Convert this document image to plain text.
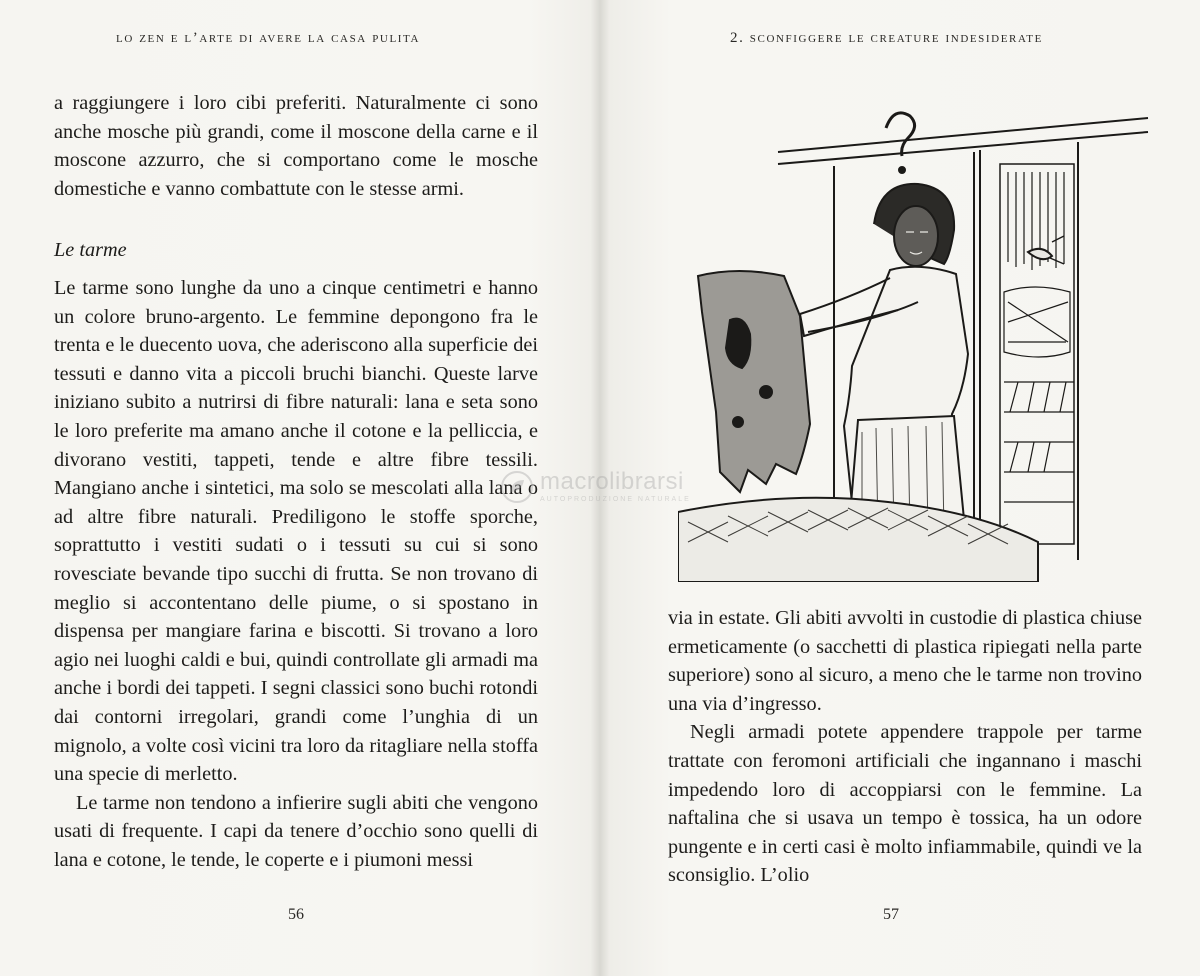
lo zen e l’arte di avere la casa pulita

a raggiungere i loro cibi preferiti. Naturalmente ci sono anche mosche più grandi, come il moscone della carne e il moscone azzurro, che si comportano come le mosche domestiche e vanno combattute con le stesse armi.

Le tarme

Le tarme sono lunghe da uno a cinque centimetri e hanno un colore bruno-argento. Le femmine depongono fra le trenta e le duecento uova, che aderiscono alla superficie dei tessuti e danno vita a piccoli bruchi bianchi. Queste larve iniziano subito a nutrirsi di fibre naturali: lana e seta sono le loro preferite ma amano anche il cotone e la pelliccia, e divorano vestiti, tappeti, tende e altre fibre tessili. Mangiano anche i sintetici, ma solo se mescolati alla lana o ad altre fibre naturali. Prediligono le stoffe sporche, soprattutto i vestiti sudati o i tessuti su cui si sono rovesciate bevande tipo succhi di frutta. Se non trovano di meglio si accontentano delle piume, o si spostano in dispensa per mangiare farina e biscotti. Si trovano a loro agio nei luoghi caldi e bui, quindi controllate gli armadi ma anche i bordi dei tappeti. I segni classici sono buchi rotondi dai contorni irregolari, grandi come l’unghia di un mignolo, a volte così vicini tra loro da ritagliare nella stoffa una specie di merletto.

Le tarme non tendono a infierire sugli abiti che vengono usati di frequente. I capi da tenere d’occhio sono quelli di lana e cotone, le tende, le coperte e i piumoni messi

56
2. sconfiggere le creature indesiderate

via in estate. Gli abiti avvolti in custodie di plastica chiuse ermeticamente (o sacchetti di plastica ripiegati nella parte superiore) sono al sicuro, a meno che le tarme non trovino una via d’ingresso.

Negli armadi potete appendere trappole per tarme trattate con feromoni artificiali che ingannano i maschi impedendo loro di accoppiarsi con le femmine. La naftalina che si usava un tempo è tossica, ha un odore pungente e in certi casi è molto infiammabile, quindi ve la sconsiglio. L’olio

57
macrolibrarsi
AUTOPRODUZIONE NATURALE
